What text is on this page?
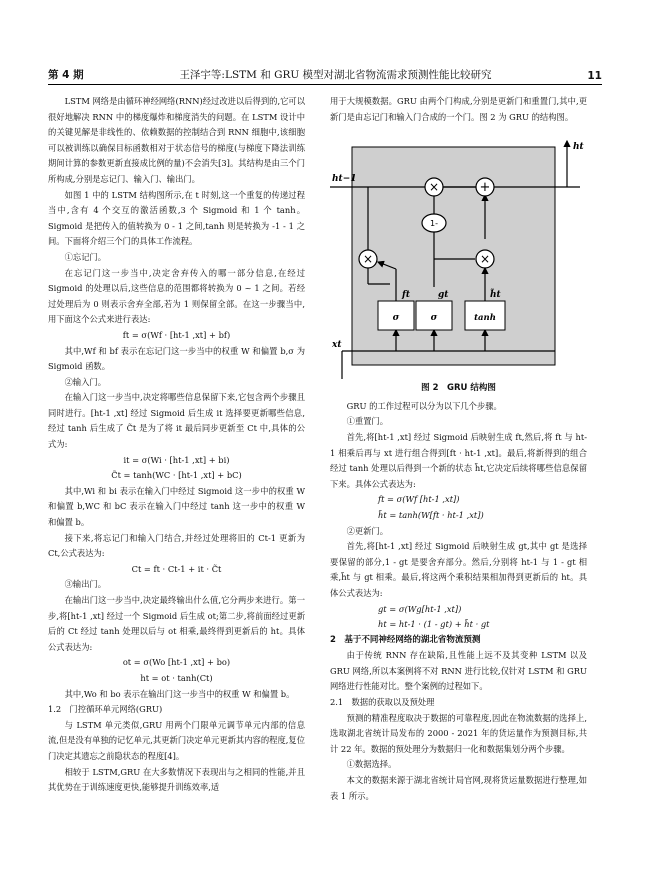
第 4 期	王泽宇等:LSTM 和 GRU 模型对湖北省物流需求预测性能比较研究	11

LSTM 网络是由循环神经网络(RNN)经过改进以后得到的,它可以很好地解决 RNN 中的梯度爆炸和梯度消失的问题。在 LSTM 设计中的关键见解是非线性的、依赖数据的控制结合到 RNN 细胞中,该细胞可以被训练以确保目标函数相对于状态信号的梯度(与梯度下降法训练期间计算的参数更新直接成比例的量)不会消失[3]。其结构是由三个门所构成,分别是忘记门、输入门、输出门。

如图 1 中的 LSTM 结构图所示,在 t 时刻,这一个重复的传递过程当中,含有 4 个交互的激活函数,3 个 Sigmoid 和 1 个 tanh。Sigmoid 是把传入的值转换为 0 - 1 之间,tanh 则是转换为 -1 - 1 之间。下面将介绍三个门的具体工作流程。

①忘记门。

在忘记门这一步当中,决定舍弃传入的哪一部分信息,在经过 Sigmoid 的处理以后,这些信息的范围都将转换为 0 ~ 1 之间。若经过处理后为 0 则表示舍弃全部,若为 1 则保留全部。在这一步骤当中,用下面这个公式来进行表达:

ft = σ(Wf · [ht-1 ,xt] + bf)

其中,Wf 和 bf 表示在忘记门这一步当中的权重 W 和偏置 b,σ 为 Sigmoid 函数。

②输入门。

在输入门这一步当中,决定将哪些信息保留下来,它包含两个步骤且同时进行。[ht-1 ,xt] 经过 Sigmoid 后生成 it 选择要更新哪些信息,经过 tanh 后生成了 C̃t 是为了将 it 最后同步更新至 Ct 中,具体的公式为:

it = σ(Wi · [ht-1 ,xt] + bi)

C̃t = tanh(WC · [ht-1 ,xt] + bC)

其中,Wi 和 bi 表示在输入门中经过 Sigmoid 这一步中的权重 W 和偏置 b,WC 和 bC 表示在输入门中经过 tanh 这一步中的权重 W 和偏置 b。

接下来,将忘记门和输入门结合,并经过处理将旧的 Ct-1 更新为 Ct,公式表达为:

Ct = ft · Ct-1 + it · C̃t

③输出门。

在输出门这一步当中,决定最终输出什么值,它分两步来进行。第一步,将[ht-1 ,xt] 经过一个 Sigmoid 后生成 ot;第二步,将前面经过更新后的 Ct 经过 tanh 处理以后与 ot 相乘,最终得到更新后的 ht。具体公式表达为:

ot = σ(Wo [ht-1 ,xt] + bo)

ht = ot · tanh(Ct)

其中,Wo 和 bo 表示在输出门这一步当中的权重 W 和偏置 b。

1.2　门控循环单元网络(GRU)

与 LSTM 单元类似,GRU 用两个门限单元调节单元内部的信息流,但是没有单独的记忆单元,其更新门决定单元更新其内容的程度,复位门决定其遗忘之前隐状态的程度[4]。

相较于 LSTM,GRU 在大多数情况下表现出与之相同的性能,并且其优势在于训练速度更快,能够提升训练效率,适

用于大规模数据。GRU 由两个门构成,分别是更新门和重置门,其中,更新门是由忘记门和输入门合成的一个门。图 2 为 GRU 的结构图。

×	+
1-
×
×
σ	σ	tanh
ht−1
ht
xt
ft	gt	h̃t
图 2　GRU 结构图

GRU 的工作过程可以分为以下几个步骤。

①重置门。

首先,将[ht-1 ,xt] 经过 Sigmoid 后映射生成 ft,然后,将 ft 与 ht-1 相乘后再与 xt 进行组合得到[ft · ht-1 ,xt]。最后,将新得到的组合经过 tanh 处理以后得到一个新的状态 h̃t,它决定后续将哪些信息保留下来。具体公式表达为:

ft = σ(Wf [ht-1 ,xt])

h̃t = tanh(W[ft · ht-1 ,xt])

②更新门。

首先,将[ht-1 ,xt] 经过 Sigmoid 后映射生成 gt,其中 gt 是选择要保留的部分,1 - gt 是要舍弃部分。然后,分别将 ht-1 与 1 - gt 相乘,h̃t 与 gt 相乘。最后,将这两个乘积结果相加得到更新后的 ht。具体公式表达为:

gt = σ(Wg[ht-1 ,xt])

ht = ht-1 · (1 - gt) + h̃t · gt

2　基于不同神经网络的湖北省物流预测

由于传统 RNN 存在缺陷,且性能上远不及其变种 LSTM 以及 GRU 网络,所以本案例将不对 RNN 进行比较,仅针对 LSTM 和 GRU 网络进行性能对比。整个案例的过程如下。

2.1　数据的获取以及预处理

预测的精准程度取决于数据的可靠程度,因此在物流数据的选择上,选取湖北省统计局发布的 2000 - 2021 年的货运量作为预测目标,共计 22 年。数据的预处理分为数据归一化和数据集划分两个步骤。

①数据选择。

本文的数据来源于湖北省统计局官网,现将货运量数据进行整理,如表 1 所示。
